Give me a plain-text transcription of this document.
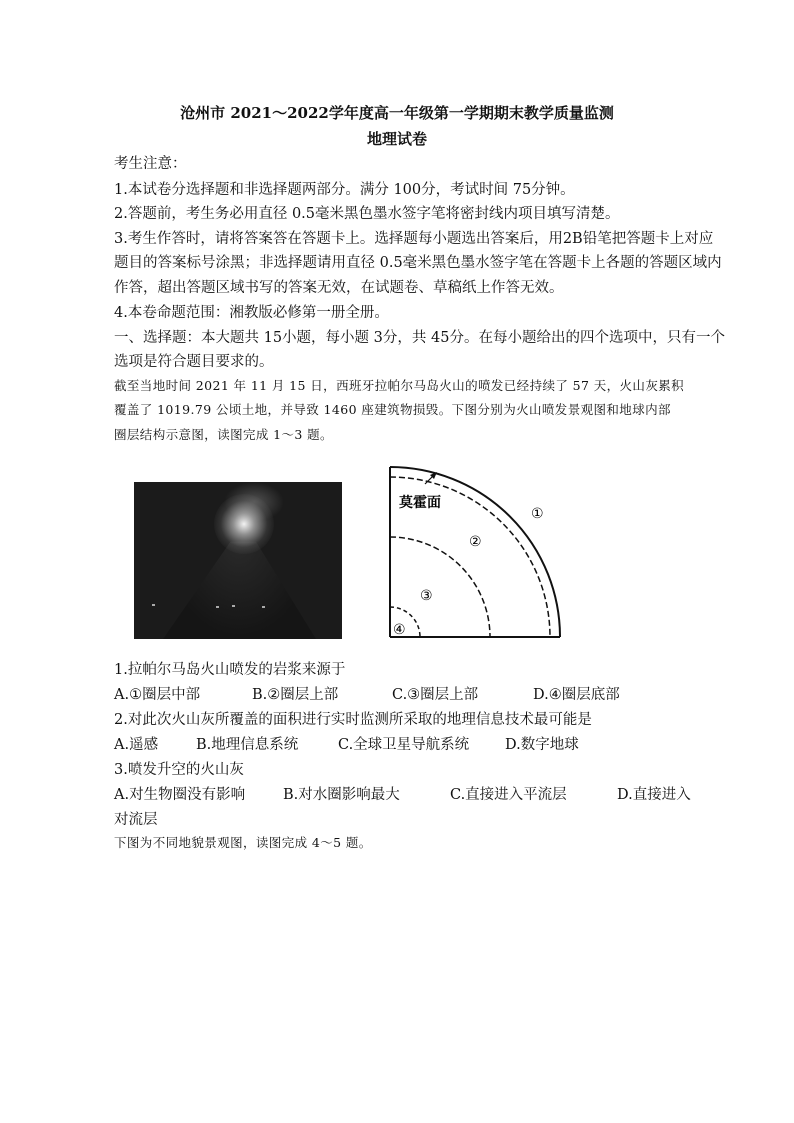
沧州市 2021～2022学年度高一年级第一学期期末教学质量监测
地理试卷
考生注意：
1.本试卷分选择题和非选择题两部分。满分 100分，考试时间 75分钟。
2.答题前，考生务必用直径 0.5毫米黑色墨水签字笔将密封线内项目填写清楚。
3.考生作答时，请将答案答在答题卡上。选择题每小题选出答案后，用2B铅笔把答题卡上对应
题目的答案标号涂黑；非选择题请用直径 0.5毫米黑色墨水签字笔在答题卡上各题的答题区域内
作答，超出答题区域书写的答案无效，在试题卷、草稿纸上作答无效。
4.本卷命题范围：湘教版必修第一册全册。
一、选择题：本大题共 15小题，每小题 3分，共 45分。在每小题给出的四个选项中，只有一个
选项是符合题目要求的。
截至当地时间 2021 年 11 月 15 日，西班牙拉帕尔马岛火山的喷发已经持续了 57 天，火山灰累积
覆盖了 1019.79 公顷土地，并导致 1460 座建筑物损毁。下图分别为火山喷发景观图和地球内部
圈层结构示意图，读图完成 1～3 题。
莫霍面
①
②
③
④
1.拉帕尔马岛火山喷发的岩浆来源于
A.①圈层中部	B.②圈层上部	C.③圈层上部	D.④圈层底部
2.对此次火山灰所覆盖的面积进行实时监测所采取的地理信息技术最可能是
A.遥感	B.地理信息系统	C.全球卫星导航系统 D.数字地球
3.喷发升空的火山灰
A.对生物圈没有影响	B.对水圈影响最大	C.直接进入平流层	D.直接进入
对流层
下图为不同地貌景观图，读图完成 4～5 题。
